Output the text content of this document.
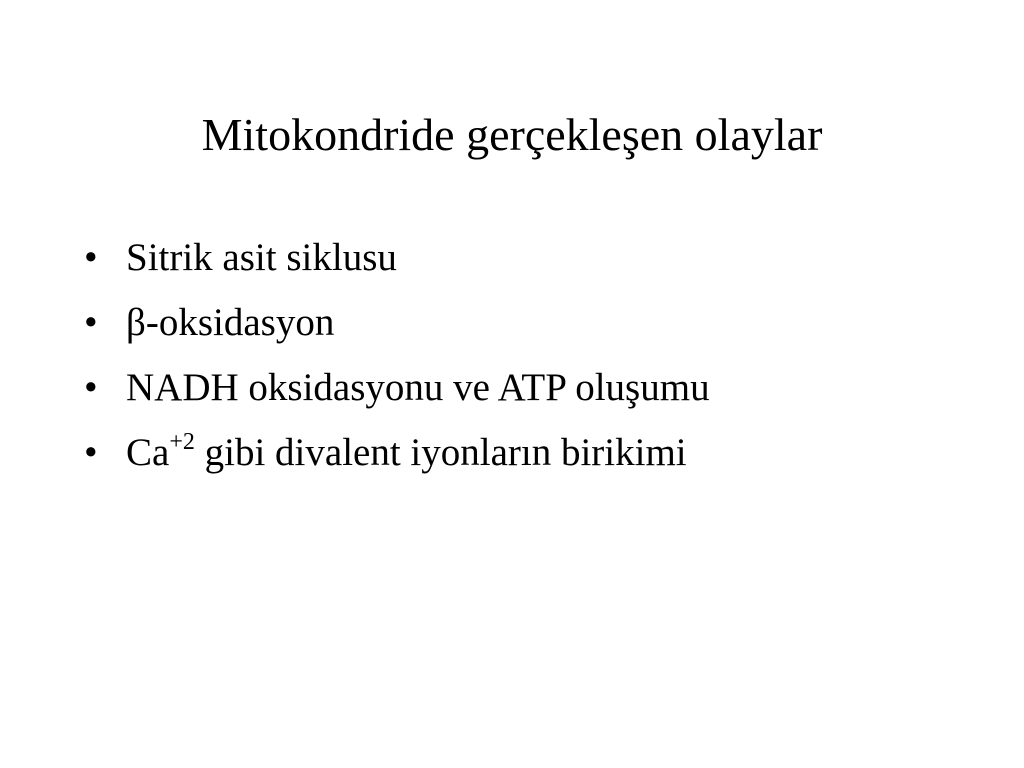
Mitokondride gerçekleşen olaylar
• Sitrik asit siklusu
• β-oksidasyon
• NADH oksidasyonu ve ATP oluşumu
• $Ca^{+2}$ gibi divalent iyonların birikimi
